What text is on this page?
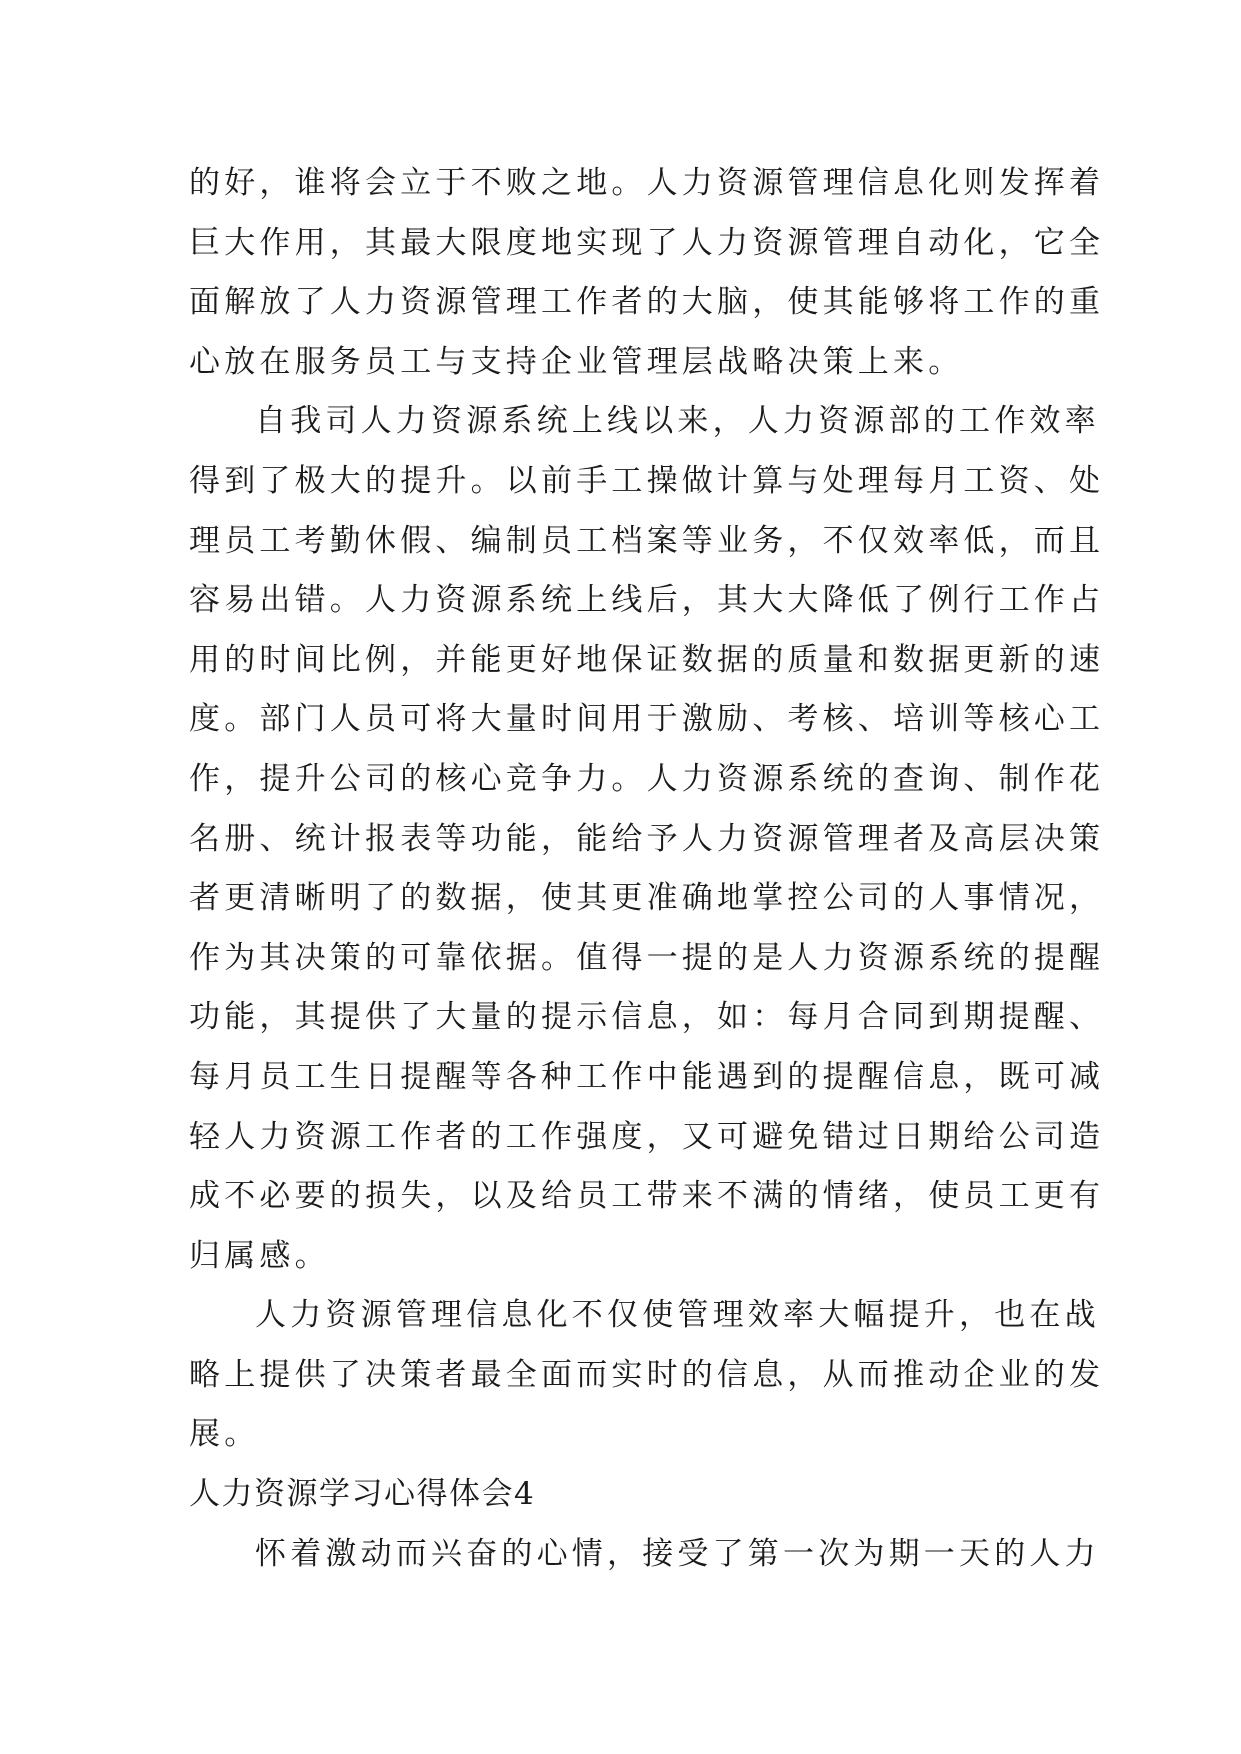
的好，谁将会立于不败之地。人力资源管理信息化则发挥着
巨大作用，其最大限度地实现了人力资源管理自动化，它全
面解放了人力资源管理工作者的大脑，使其能够将工作的重
心放在服务员工与支持企业管理层战略决策上来。
自我司人力资源系统上线以来，人力资源部的工作效率
得到了极大的提升。以前手工操做计算与处理每月工资、处
理员工考勤休假、编制员工档案等业务，不仅效率低，而且
容易出错。人力资源系统上线后，其大大降低了例行工作占
用的时间比例，并能更好地保证数据的质量和数据更新的速
度。部门人员可将大量时间用于激励、考核、培训等核心工
作，提升公司的核心竞争力。人力资源系统的查询、制作花
名册、统计报表等功能，能给予人力资源管理者及高层决策
者更清晰明了的数据，使其更准确地掌控公司的人事情况，
作为其决策的可靠依据。值得一提的是人力资源系统的提醒
功能，其提供了大量的提示信息，如：每月合同到期提醒、
每月员工生日提醒等各种工作中能遇到的提醒信息，既可减
轻人力资源工作者的工作强度，又可避免错过日期给公司造
成不必要的损失，以及给员工带来不满的情绪，使员工更有
归属感。
人力资源管理信息化不仅使管理效率大幅提升，也在战
略上提供了决策者最全面而实时的信息，从而推动企业的发
展。
人力资源学习心得体会4
怀着激动而兴奋的心情，接受了第一次为期一天的人力
